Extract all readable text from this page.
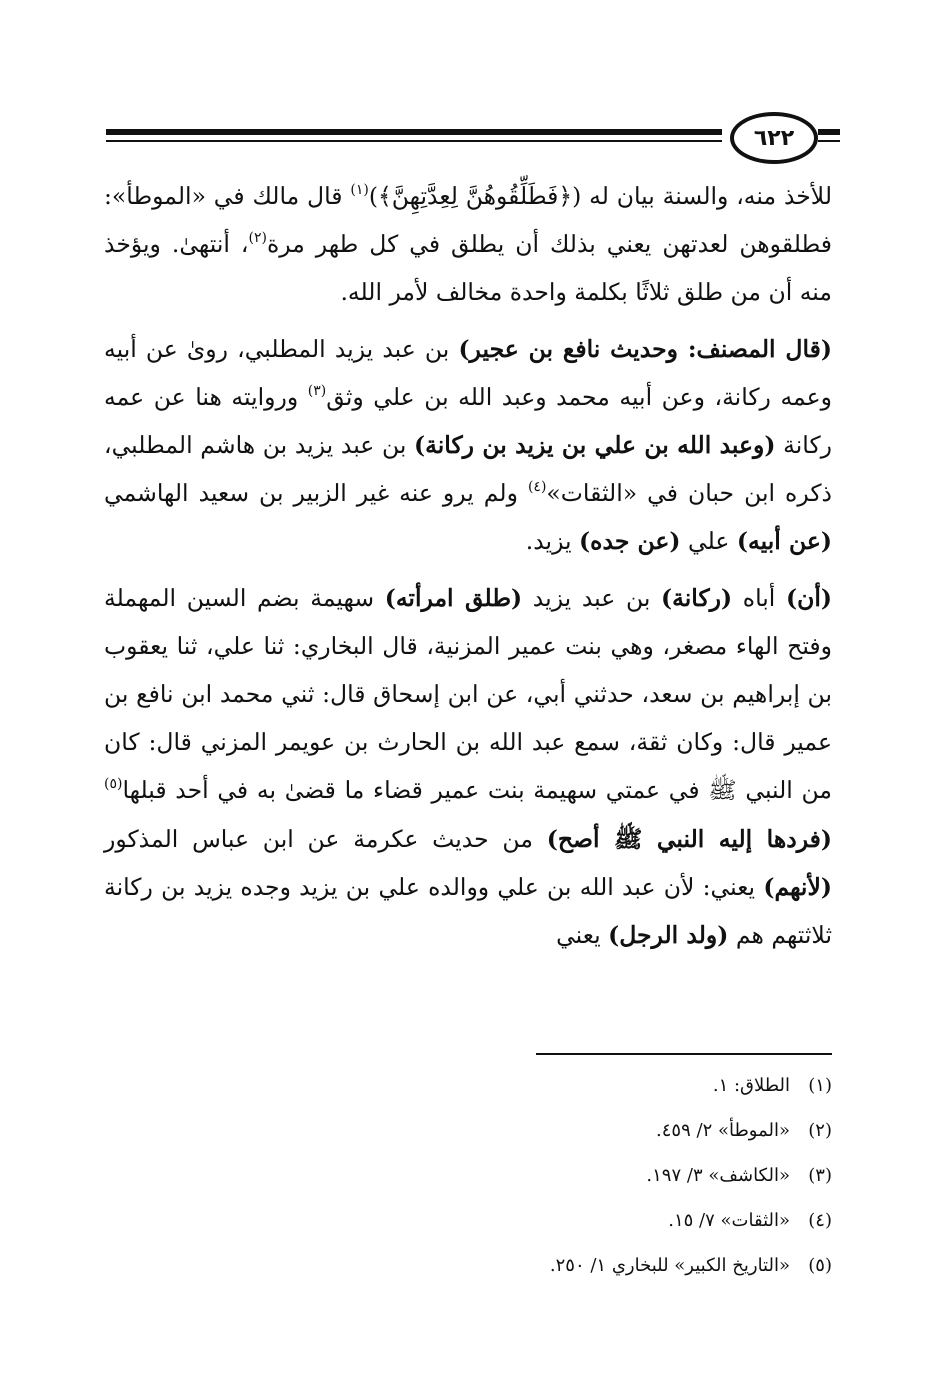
٦٢٢

للأخذ منه، والسنة بيان له (﴿فَطَلِّقُوهُنَّ لِعِدَّتِهِنَّ﴾)$^{(١)}$ قال مالك في «الموطأ»: فطلقوهن لعدتهن يعني بذلك أن يطلق في كل طهر مرة$^{(٢)}$، أنتهىٰ. ويؤخذ منه أن من طلق ثلاثًا بكلمة واحدة مخالف لأمر الله.

(قال المصنف: وحديث نافع بن عجير) بن عبد يزيد المطلبي، روىٰ عن أبيه وعمه ركانة، وعن أبيه محمد وعبد الله بن علي وثق$^{(٣)}$ وروايته هنا عن عمه ركانة (وعبد الله بن علي بن يزيد بن ركانة) بن عبد يزيد بن هاشم المطلبي، ذكره ابن حبان في «الثقات»$^{(٤)}$ ولم يرو عنه غير الزبير بن سعيد الهاشمي (عن أبيه) علي (عن جده) يزيد.

(أن) أباه (ركانة) بن عبد يزيد (طلق امرأته) سهيمة بضم السين المهملة وفتح الهاء مصغر، وهي بنت عمير المزنية، قال البخاري: ثنا علي، ثنا يعقوب بن إبراهيم بن سعد، حدثني أبي، عن ابن إسحاق قال: ثني محمد ابن نافع بن عمير قال: وكان ثقة، سمع عبد الله بن الحارث بن عويمر المزني قال: كان من النبي ﷺ في عمتي سهيمة بنت عمير قضاء ما قضىٰ به في أحد قبلها$^{(٥)}$ (فردها إليه النبي ﷺ أصح) من حديث عكرمة عن ابن عباس المذكور (لأنهم) يعني: لأن عبد الله بن علي ووالده علي بن يزيد وجده يزيد بن ركانة ثلاثتهم هم (ولد الرجل) يعني

(١)الطلاق: ١.
(٢)«الموطأ» ٢/ ٤٥٩.
(٣)«الكاشف» ٣/ ١٩٧.
(٤)«الثقات» ٧/ ١٥.
(٥)«التاريخ الكبير» للبخاري ١/ ٢٥٠.
